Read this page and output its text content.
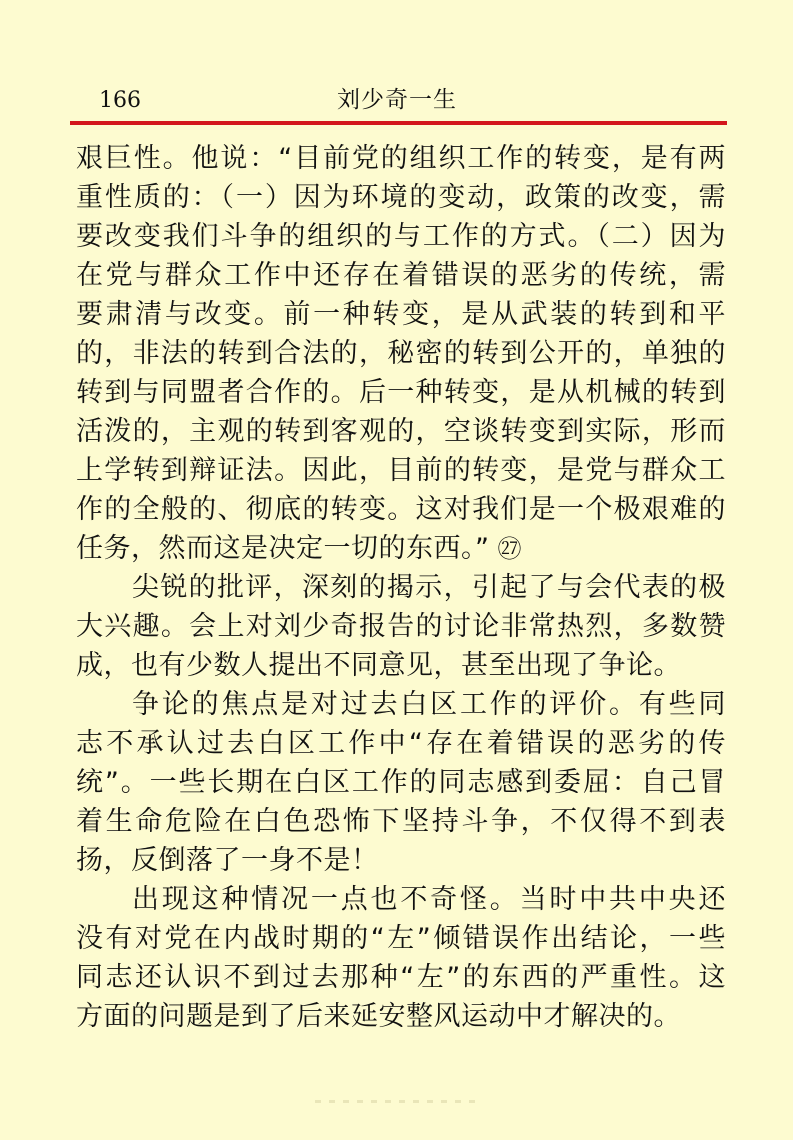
166	刘少奇一生
艰巨性。他说：“目前党的组织工作的转变，是有两
重性质的：（一）因为环境的变动，政策的改变，需
要改变我们斗争的组织的与工作的方式。（二）因为
在党与群众工作中还存在着错误的恶劣的传统，需
要肃清与改变。前一种转变，是从武装的转到和平
的，非法的转到合法的，秘密的转到公开的，单独的
转到与同盟者合作的。后一种转变，是从机械的转到
活泼的，主观的转到客观的，空谈转变到实际，形而
上学转到辩证法。因此，目前的转变，是党与群众工
作的全般的、彻底的转变。这对我们是一个极艰难的
任务，然而这是决定一切的东西。” ㉗
尖锐的批评，深刻的揭示，引起了与会代表的极
大兴趣。会上对刘少奇报告的讨论非常热烈，多数赞
成，也有少数人提出不同意见，甚至出现了争论。
争论的焦点是对过去白区工作的评价。有些同
志不承认过去白区工作中“存在着错误的恶劣的传
统”。一些长期在白区工作的同志感到委屈：自己冒
着生命危险在白色恐怖下坚持斗争，不仅得不到表
扬，反倒落了一身不是！
出现这种情况一点也不奇怪。当时中共中央还
没有对党在内战时期的“左”倾错误作出结论，一些
同志还认识不到过去那种“左”的东西的严重性。这
方面的问题是到了后来延安整风运动中才解决的。
